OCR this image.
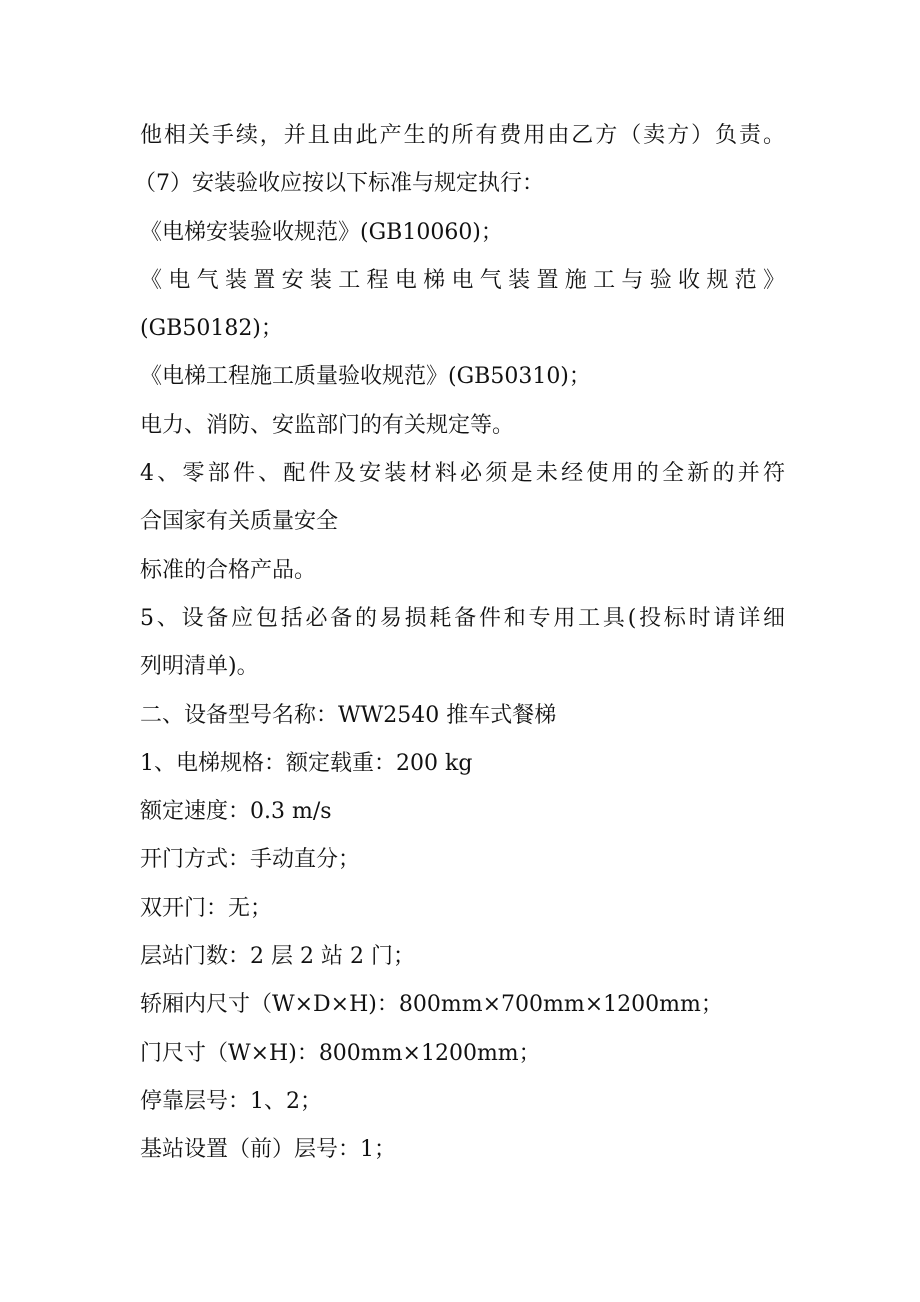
他相关手续，并且由此产生的所有费用由乙方（卖方）负责。
（7）安装验收应按以下标准与规定执行：
《电梯安装验收规范》(GB10060)；
《电气装置安装工程电梯电气装置施工与验收规范》
(GB50182)；
《电梯工程施工质量验收规范》(GB50310)；
电力、消防、安监部门的有关规定等。
4、零部件、配件及安装材料必须是未经使用的全新的并符
合国家有关质量安全
标准的合格产品。
5、设备应包括必备的易损耗备件和专用工具(投标时请详细
列明清单)。
二、设备型号名称：WW2540 推车式餐梯
1、电梯规格：额定载重：200 kg
额定速度：0.3 m/s
开门方式：手动直分；
双开门：无；
层站门数：2 层 2 站 2 门；
轿厢内尺寸（W×D×H)：800mm×700mm×1200mm；
门尺寸（W×H)：800mm×1200mm；
停靠层号：1、2；
基站设置（前）层号：1；
